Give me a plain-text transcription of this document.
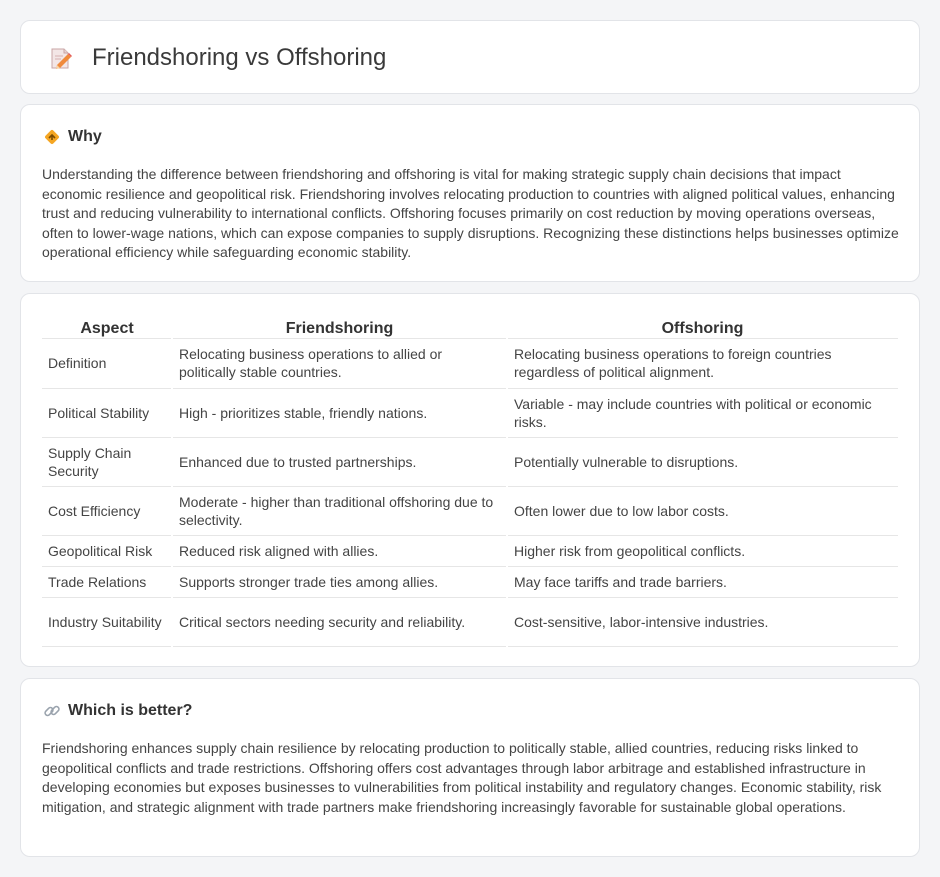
Friendshoring vs Offshoring
Why

Understanding the difference between friendshoring and offshoring is vital for making strategic supply chain decisions that impact economic resilience and geopolitical risk. Friendshoring involves relocating production to countries with aligned political values, enhancing trust and reducing vulnerability to international conflicts. Offshoring focuses primarily on cost reduction by moving operations overseas, often to lower-wage nations, which can expose companies to supply disruptions. Recognizing these distinctions helps businesses optimize operational efficiency while safeguarding economic stability.

Aspect	Friendshoring	Offshoring
Definition	Relocating business operations to allied or politically stable countries.	Relocating business operations to foreign countries regardless of political alignment.
Political Stability	High - prioritizes stable, friendly nations.	Variable - may include countries with political or economic risks.
Supply Chain Security	Enhanced due to trusted partnerships.	Potentially vulnerable to disruptions.
Cost Efficiency	Moderate - higher than traditional offshoring due to selectivity.	Often lower due to low labor costs.
Geopolitical Risk	Reduced risk aligned with allies.	Higher risk from geopolitical conflicts.
Trade Relations	Supports stronger trade ties among allies.	May face tariffs and trade barriers.
Industry Suitability	Critical sectors needing security and reliability.	Cost-sensitive, labor-intensive industries.
Which is better?

Friendshoring enhances supply chain resilience by relocating production to politically stable, allied countries, reducing risks linked to geopolitical conflicts and trade restrictions. Offshoring offers cost advantages through labor arbitrage and established infrastructure in developing economies but exposes businesses to vulnerabilities from political instability and regulatory changes. Economic stability, risk mitigation, and strategic alignment with trade partners make friendshoring increasingly favorable for sustainable global operations.
